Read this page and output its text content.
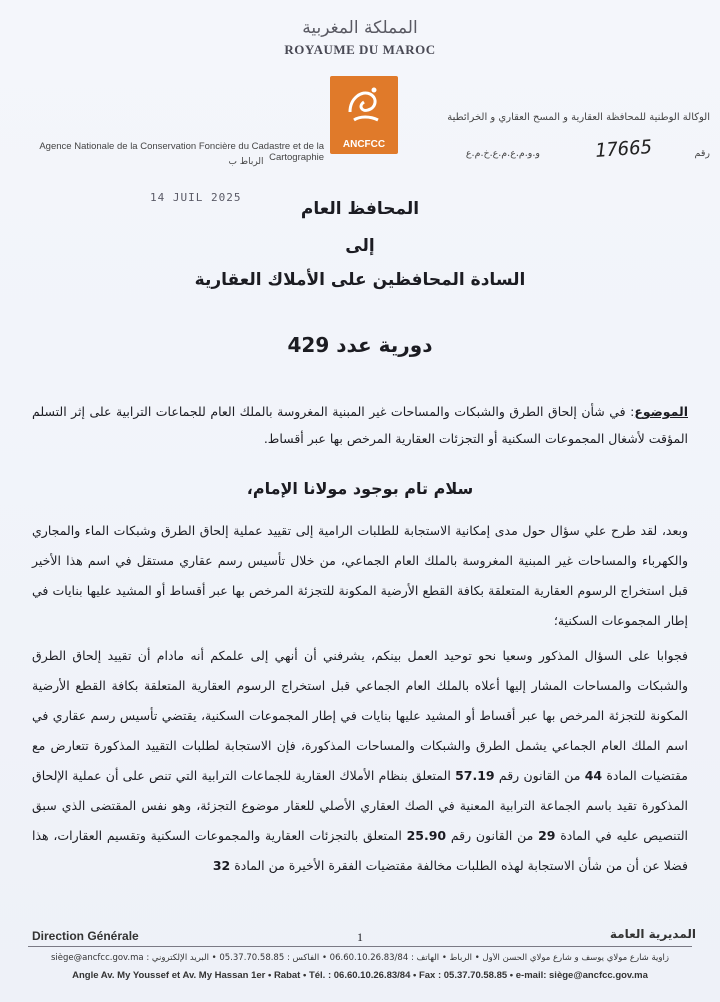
المملكة المغربية
ROYAUME DU MAROC
ANCFCC
Agence Nationale de la Conservation Foncière du Cadastre et de la Cartographie
الرباط ب
الوكالة الوطنية للمحافظة العقارية و المسح العقاري و الخرائطية
رقم
17665
و.و.م.ع.م.ع.خ.م.ع
14 JUIL 2025
المحافظ العام
إلى
السادة المحافظين على الأملاك العقارية
دورية عدد 429
الموضوع: في شأن إلحاق الطرق والشبكات والمساحات غير المبنية المغروسة بالملك العام للجماعات الترابية على إثر التسلم المؤقت لأشغال المجموعات السكنية أو التجزئات العقارية المرخص بها عبر أقساط.
سلام تام بوجود مولانا الإمام،

وبعد، لقد طرح علي سؤال حول مدى إمكانية الاستجابة للطلبات الرامية إلى تقييد عملية إلحاق الطرق وشبكات الماء والمجاري والكهرباء والمساحات غير المبنية المغروسة بالملك العام الجماعي، من خلال تأسيس رسم عقاري مستقل في اسم هذا الأخير قبل استخراج الرسوم العقارية المتعلقة بكافة القطع الأرضية المكونة للتجزئة المرخص بها عبر أقساط أو المشيد عليها بنايات في إطار المجموعات السكنية؛

فجوابا على السؤال المذكور وسعيا نحو توحيد العمل بينكم، يشرفني أن أنهي إلى علمكم أنه مادام أن تقييد إلحاق الطرق والشبكات والمساحات المشار إليها أعلاه بالملك العام الجماعي قبل استخراج الرسوم العقارية المتعلقة بكافة القطع الأرضية المكونة للتجزئة المرخص بها عبر أقساط أو المشيد عليها بنايات في إطار المجموعات السكنية، يقتضي تأسيس رسم عقاري في اسم الملك العام الجماعي يشمل الطرق والشبكات والمساحات المذكورة، فإن الاستجابة لطلبات التقييد المذكورة تتعارض مع مقتضيات المادة 44 من القانون رقم 57.19 المتعلق بنظام الأملاك العقارية للجماعات الترابية التي تنص على أن عملية الإلحاق المذكورة تقيد باسم الجماعة الترابية المعنية في الصك العقاري الأصلي للعقار موضوع التجزئة، وهو نفس المقتضى الذي سبق التنصيص عليه في المادة 29 من القانون رقم 25.90 المتعلق بالتجزئات العقارية والمجموعات السكنية وتقسيم العقارات، هذا فضلا عن أن من شأن الاستجابة لهذه الطلبات مخالفة مقتضيات الفقرة الأخيرة من المادة 32

Direction Générale	1	المديرية العامة
زاوية شارع مولاي يوسف و شارع مولاي الحسن الأول • الرباط • الهاتف : 06.60.10.26.83/84 • الفاكس : 05.37.70.58.85 • البريد الإلكتروني : siège@ancfcc.gov.ma
Angle Av. My Youssef et Av. My Hassan 1er • Rabat • Tél. : 06.60.10.26.83/84 • Fax : 05.37.70.58.85 • e-mail: siège@ancfcc.gov.ma
